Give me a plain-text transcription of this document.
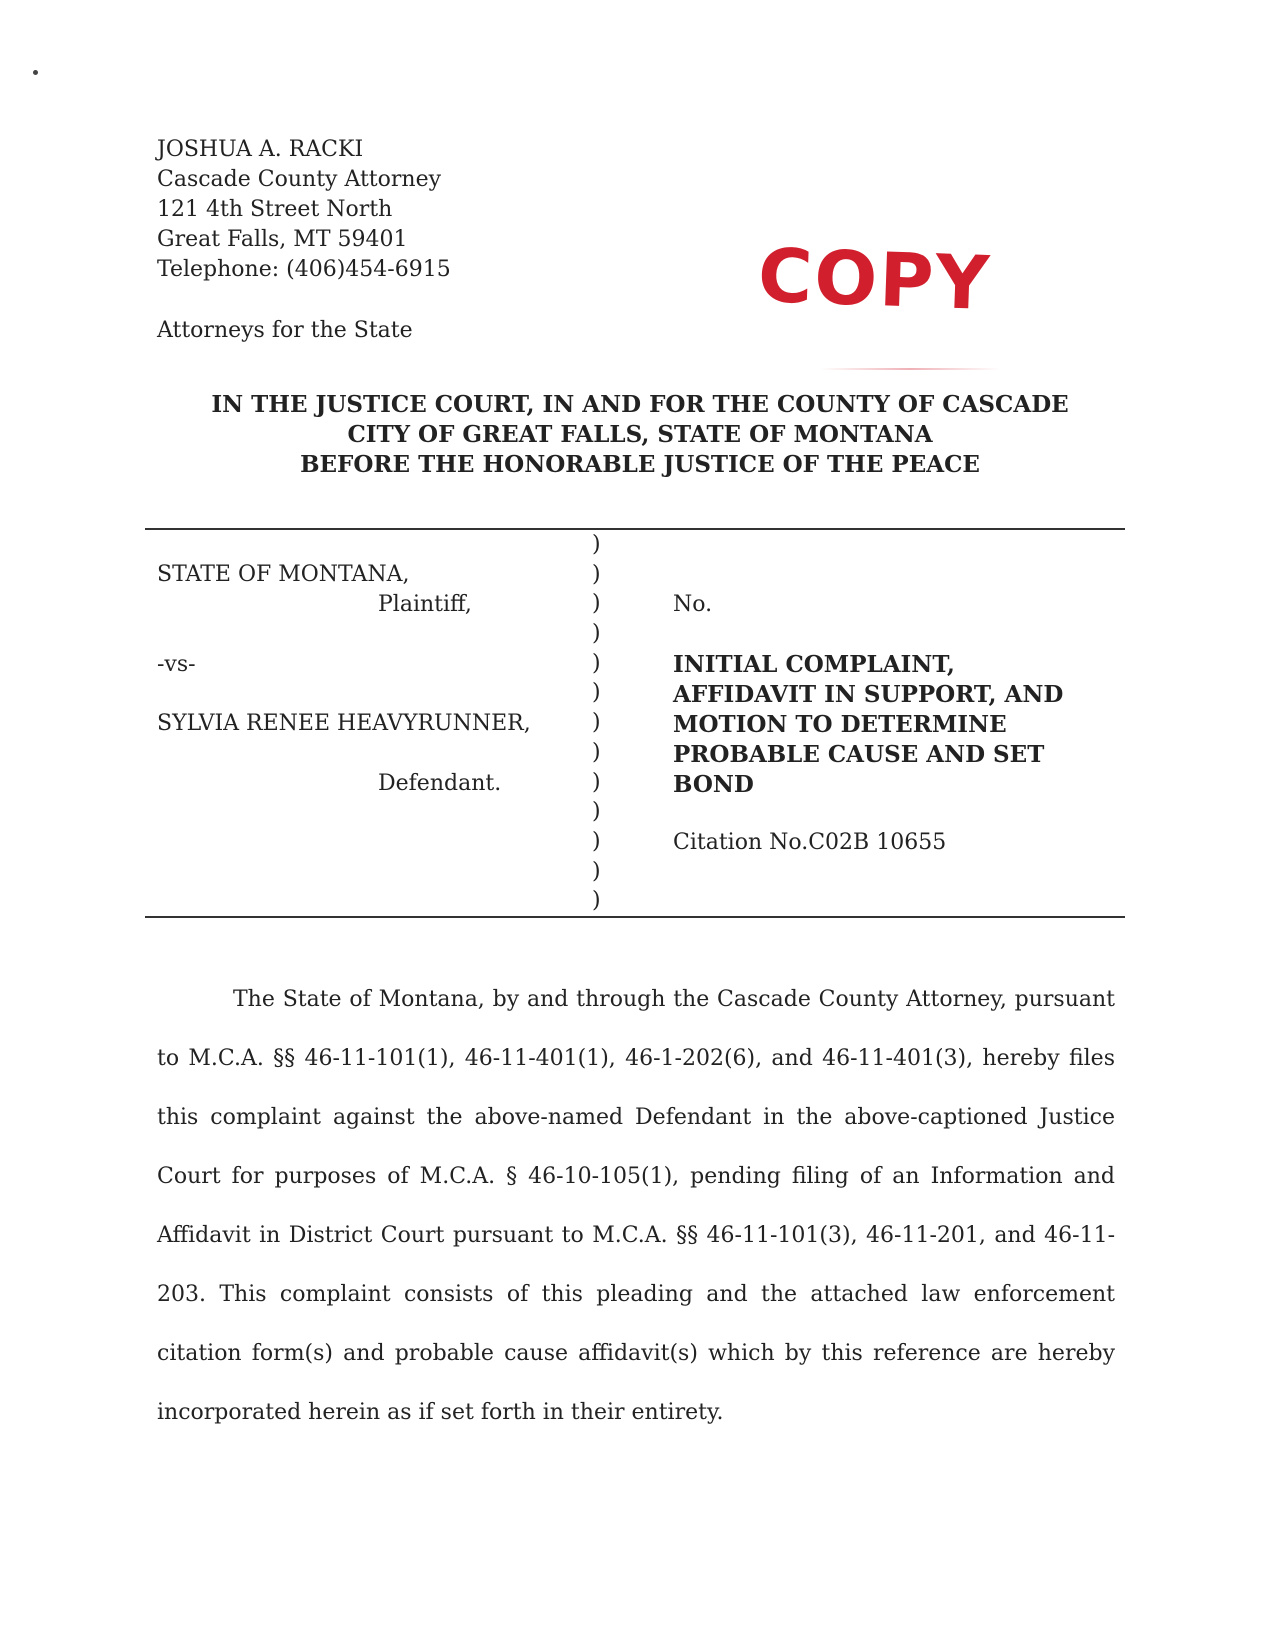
JOSHUA A. RACKI
Cascade County Attorney
121 4th Street North
Great Falls, MT 59401
Telephone: (406)454-6915
Attorneys for the State
COPY
IN THE JUSTICE COURT, IN AND FOR THE COUNTY OF CASCADE
CITY OF GREAT FALLS, STATE OF MONTANA
BEFORE THE HONORABLE JUSTICE OF THE PEACE
STATE OF MONTANA,
Plaintiff,
-vs-
SYLVIA RENEE HEAVYRUNNER,
Defendant.
)
)
)
)
)
)
)
)
)
)
)
)
)
No.
INITIAL COMPLAINT,
AFFIDAVIT IN SUPPORT, AND
MOTION TO DETERMINE
PROBABLE CAUSE AND SET
BOND
Citation No.C02B 10655

The State of Montana, by and through the Cascade County Attorney, pursuant to M.C.A. §§ 46-11-101(1), 46-11-401(1), 46-1-202(6), and 46-11-401(3), hereby files this complaint against the above-named Defendant in the above-captioned Justice Court for purposes of M.C.A. § 46-10-105(1), pending filing of an Information and Affidavit in District Court pursuant to M.C.A. §§ 46-11-101(3), 46-11-201, and 46-11-203. This complaint consists of this pleading and the attached law enforcement citation form(s) and probable cause affidavit(s) which by this reference are hereby incorporated herein as if set forth in their entirety.
